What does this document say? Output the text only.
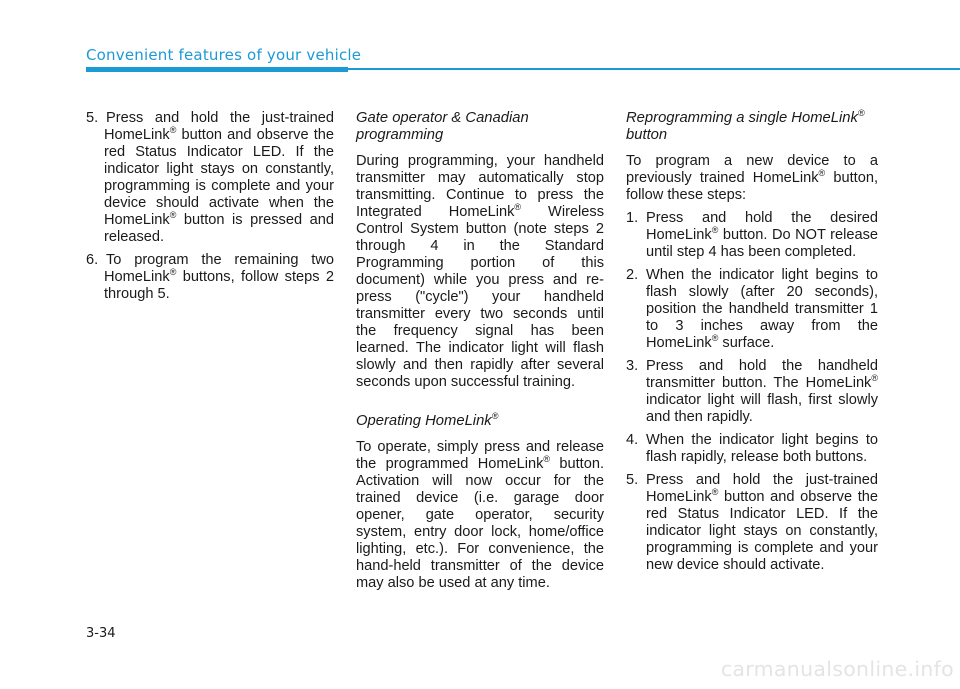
Convenient features of your vehicle

5. Press and hold the just-trained HomeLink® button and observe the red Status Indicator LED. If the indicator light stays on constantly, programming is complete and your device should activate when the HomeLink® button is pressed and released.

6. To program the remaining two HomeLink® buttons, follow steps 2 through 5.

Gate operator & Canadian programming

During programming, your handheld transmitter may automatically stop transmitting. Continue to press the Integrated HomeLink® Wireless Control System button (note steps 2 through 4 in the Standard Programming portion of this document) while you press and re-press ("cycle") your handheld transmitter every two seconds until the frequency signal has been learned. The indicator light will flash slowly and then rapidly after several seconds upon successful training.

Operating HomeLink®

To operate, simply press and release the programmed HomeLink® button. Activation will now occur for the trained device (i.e. garage door opener, gate operator, security system, entry door lock, home/office lighting, etc.). For convenience, the hand-held transmitter of the device may also be used at any time.

Reprogramming a single HomeLink® button

To program a new device to a previously trained HomeLink® button, follow these steps:

1. Press and hold the desired HomeLink® button. Do NOT release until step 4 has been completed.

2. When the indicator light begins to flash slowly (after 20 seconds), position the handheld transmitter 1 to 3 inches away from the HomeLink® surface.

3. Press and hold the handheld transmitter button. The HomeLink® indicator light will flash, first slowly and then rapidly.

4. When the indicator light begins to flash rapidly, release both buttons.

5. Press and hold the just-trained HomeLink® button and observe the red Status Indicator LED. If the indicator light stays on constantly, programming is complete and your new device should activate.

3-34
carmanualsonline.info
